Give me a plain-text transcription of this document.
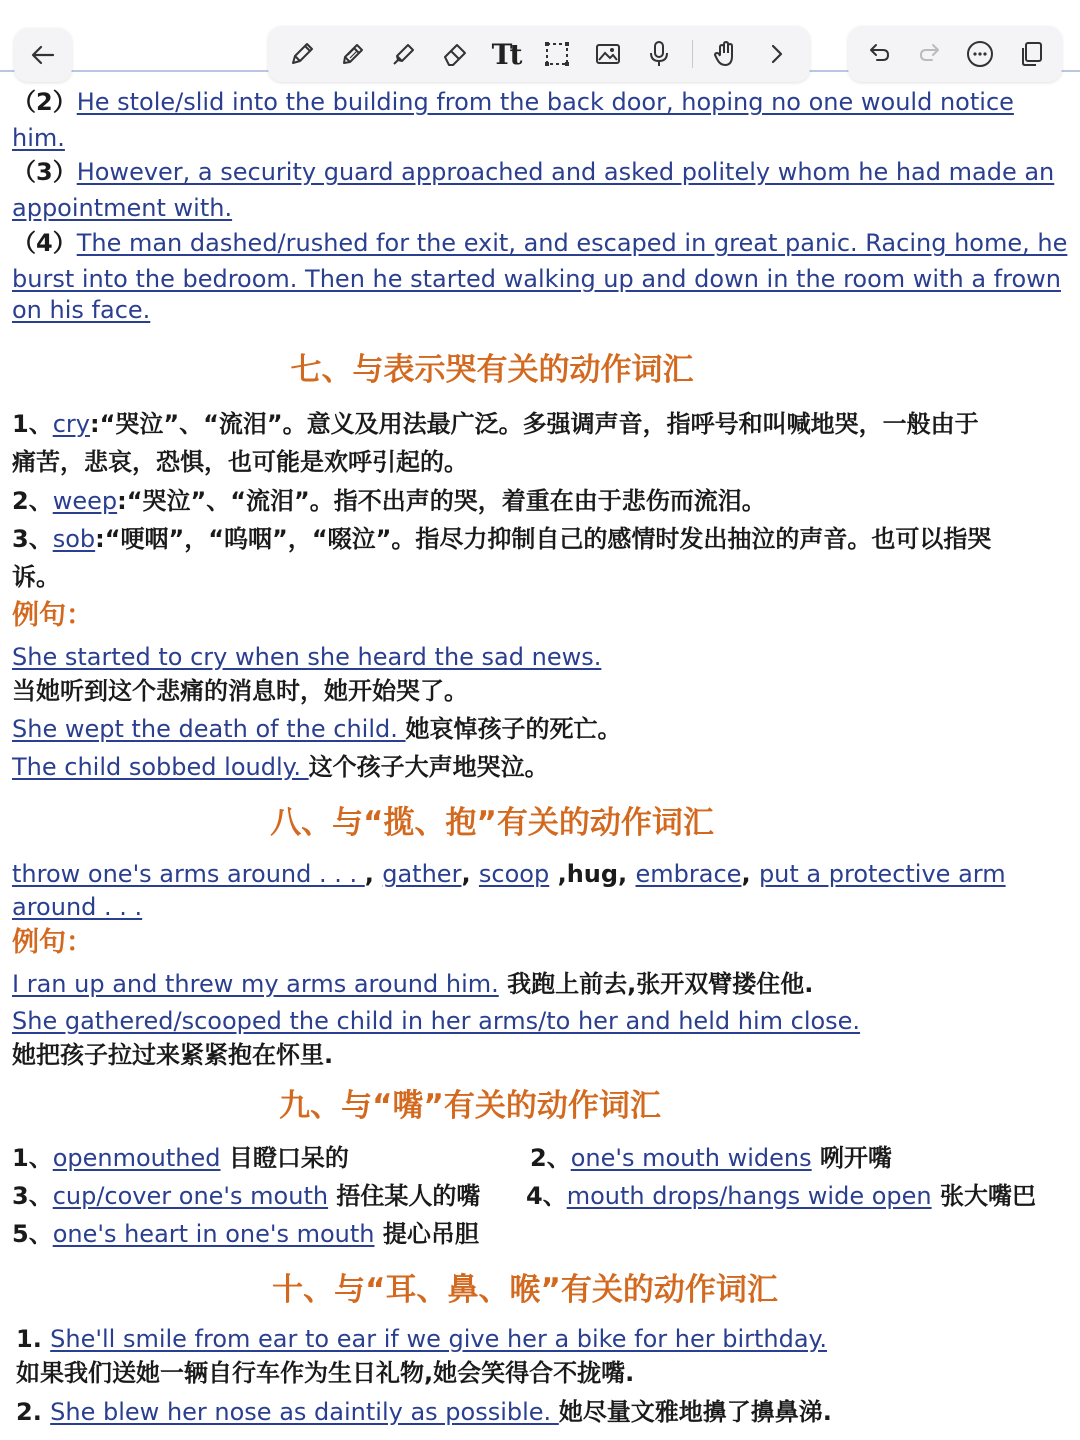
Tt
（2）He stole/slid into the building from the back door, hoping no one would notice
him.
（3）However, a security guard approached and asked politely whom he had made an
appointment with.
（4）The man dashed/rushed for the exit, and escaped in great panic. Racing home, he
burst into the bedroom. Then he started walking up and down in the room with a frown
on his face.
七、与表示哭有关的动作词汇
1、cry:“哭泣”、“流泪”。意义及用法最广泛。多强调声音，指呼号和叫喊地哭，一般由于
痛苦，悲哀，恐惧，也可能是欢呼引起的。
2、weep:“哭泣”、“流泪”。指不出声的哭，着重在由于悲伤而流泪。
3、sob:“哽咽”，“呜咽”，“啜泣”。指尽力抑制自己的感情时发出抽泣的声音。也可以指哭
诉。
例句：
She started to cry when she heard the sad news.
当她听到这个悲痛的消息时，她开始哭了。
She wept the death of the child. 她哀悼孩子的死亡。
The child sobbed loudly. 这个孩子大声地哭泣。
八、与“揽、抱”有关的动作词汇
throw one's arms around . . . , gather, scoop ,hug, embrace, put a protective arm
around . . .
例句：
I ran up and threw my arms around him. 我跑上前去,张开双臂搂住他.
She gathered/scooped the child in her arms/to her and held him close.
她把孩子拉过来紧紧抱在怀里.
九、与“嘴”有关的动作词汇
1、openmouthed 目瞪口呆的	2、one's mouth widens 咧开嘴
3、cup/cover one's mouth 捂住某人的嘴	4、mouth drops/hangs wide open 张大嘴巴
5、one's heart in one's mouth 提心吊胆
十、与“耳、鼻、喉”有关的动作词汇
1. She'll smile from ear to ear if we give her a bike for her birthday.
如果我们送她一辆自行车作为生日礼物,她会笑得合不拢嘴.
2. She blew her nose as daintily as possible. 她尽量文雅地擤了擤鼻涕.
